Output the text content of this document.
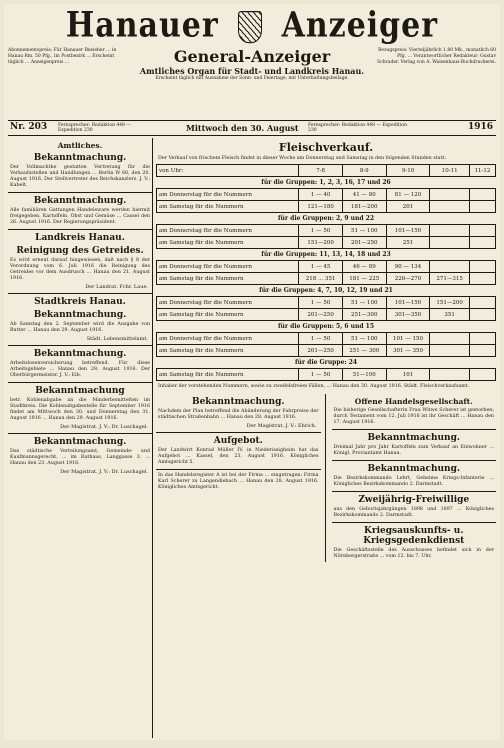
Hanauer Anzeiger
Abonnementspreis: Für Hanauer Bezieher ... in Hanau Rm. 50 Pfg., im Postbezirk ... Erscheint täglich ... Anzeigenpreis ...	General-Anzeiger
Amtliches Organ für Stadt- und Landkreis Hanau.
Erscheint täglich mit Ausnahme der Sonn- und Feiertage, mit Unterhaltungsbeilage.
Bezugspreis: Vierteljährlich 1.80 Mk., monatlich 60 Pfg. ... Verantwortlicher Redakteur: Gustav Schrader. Verlag von A. Waisenhaus-Buchdruckerei.
Nr. 203 Fernsprecher: Redaktion 448 — Expedition 230	Mittwoch den 30. August Fernsprecher: Redaktion 448 — Expedition 230	1916
Amtliches.
Bekanntmachung.
Der Vollmachthe gestatten Vertretung für die Verkaufsstellen und Handlungen ... Berlin W 66, den 20. August 1916. Der Stellvertreter des Reichskanzlers. J. V.: Kabelt.
Bekanntmachung.
Alle familiären Gattungen Handelsware werden hiermit freigegeben, Kartoffeln, Obst und Gemüse ... Cassel den 26. August 1916. Der Regierungspräsident.
Landkreis Hanau.
Reinigung des Getreides.
Es wird erneut darauf hingewiesen, daß nach § 8 der Verordnung vom 6. Juli 1916 die Reinigung des Getreides vor dem Ausdrusch ... Hanau den 21. August 1916.
Der Landrat. Fchr. Laue.
Stadtkreis Hanau.
Bekanntmachung.
Ab Samstag den 2. September wird die Ausgabe von Butter ... Hanau den 29. August 1916.
Städt. Lebensmittelamt.
Bekanntmachung.
Arbeitslosenversicherung betreffend. Für diese Arbeitsgebiete ... Hanau den 28. August 1916. Der Oberbürgermeister. J. V.: Eib.
Bekanntmachung
betr. Kohlenabgabe an die Minderbemittelten im Stadtkreis. Die Kohlenabgabestelle für September 1916 findet am Mittwoch den 30. und Donnerstag den 31. August 1916 ... Hanau den 29. August 1916.
Der Magistrat. J. V.: Dr. Luschagel.
Bekanntmachung.
Das städtische Verteilungsamt, Gemeinde- und Kaufmannsgerecht, ... im Rathaus, Langgasse 3. ... Hanau den 23. August 1916.
Der Magistrat. J. V.: Dr. Luschagel.
Fleischverkauf.
Der Verkauf von frischem Fleisch findet in dieser Woche am Donnerstag und Samstag in den folgenden Stunden statt:
von Uhr:	7-8	8-9	9-10	10-11	11-12
für die Gruppen: 1, 2, 3, 16, 17 und 26					
am Donnerstag für die Nummern	1 — 40	41 — 80	81 — 120		
am Samstag für die Nummern	121—180	181—200	201		
für die Gruppen: 2, 9 und 22					
am Donnerstag für die Nummern	1 — 50	51 — 100	101—150		
am Samstag für die Nummern	151—200	201—250	251		
für die Gruppen: 11, 13, 14, 18 und 23					
am Donnerstag für die Nummern	1 — 45	46 — 89	90 — 134		
am Samstag für die Nummern	218 ... 351	181 — 225	226—270	271—315	
für die Gruppen: 4, 7, 10, 12, 19 und 21					
am Donnerstag für die Nummern	1 — 50	51 — 100	101—150	151—200	
am Samstag für die Nummern	201—250	251—300	301—350	351	
für die Gruppen: 5, 6 und 15					
am Donnerstag für die Nummern	1 — 50	51 — 100	101 — 150		
am Samstag für die Nummern	201—250	251 — 300	301 — 350		
für die Gruppe: 24					
am Samstag für die Nummern	1 — 50	51—100	101		
Inhaber der vorstehenden Nummern, sowie zu zweifelsfreien Fällen, ... Hanau den 30. August 1916. Städt. Fleischverkaufsamt.
Bekanntmachung.
Nachdem der Plan betreffend die Abänderung der Fahrpreise der städtischen Straßenbahn ... Hanau den 28. August 1916.
Der Magistrat. J. V.: Ehrich.
Aufgebot.
Der Landwirt Konrad Müller IV. in Niederissigheim hat das Aufgebot ... Kassel, den 23. August 1916. Königliches Amtsgericht 5.
In das Handelsregister A ist bei der Firma ... eingetragen: Firma Karl Scherer zu Langendiebach ... Hanau den 28. August 1916. Königliches Amtsgericht.
Offene Handelsgesellschaft.
Die bisherige Gesellschafterin Frau Witwe Scherer ist gestorben; durch Testament vom 12. Juli 1916 ist ihr Geschäft ... Hanau den 17. August 1916.
Bekanntmachung.
Dreimal Jahr pro Jahr Kartoffeln zum Verkauf an Einwohner ... Königl. Proviantamt Hanau.
Bekanntmachung.
Die Bezirkskommando Lehrt, Geheime Kriegs-Infanterie ... Königliches Bezirkskommando 2. Darmstadt.
Zweijährig-Freiwillige
aus den Geburtsjahrgängen 1898 und 1897 ... Königliches Bezirkskommando 2. Darmstadt.
Kriegsauskunfts- u. Kriegsgedenkdienst
Die Geschäftsstelle des Ausschusses befindet sich in der Nürnbergerstraße ... vom 12. bis 7. Uhr.
